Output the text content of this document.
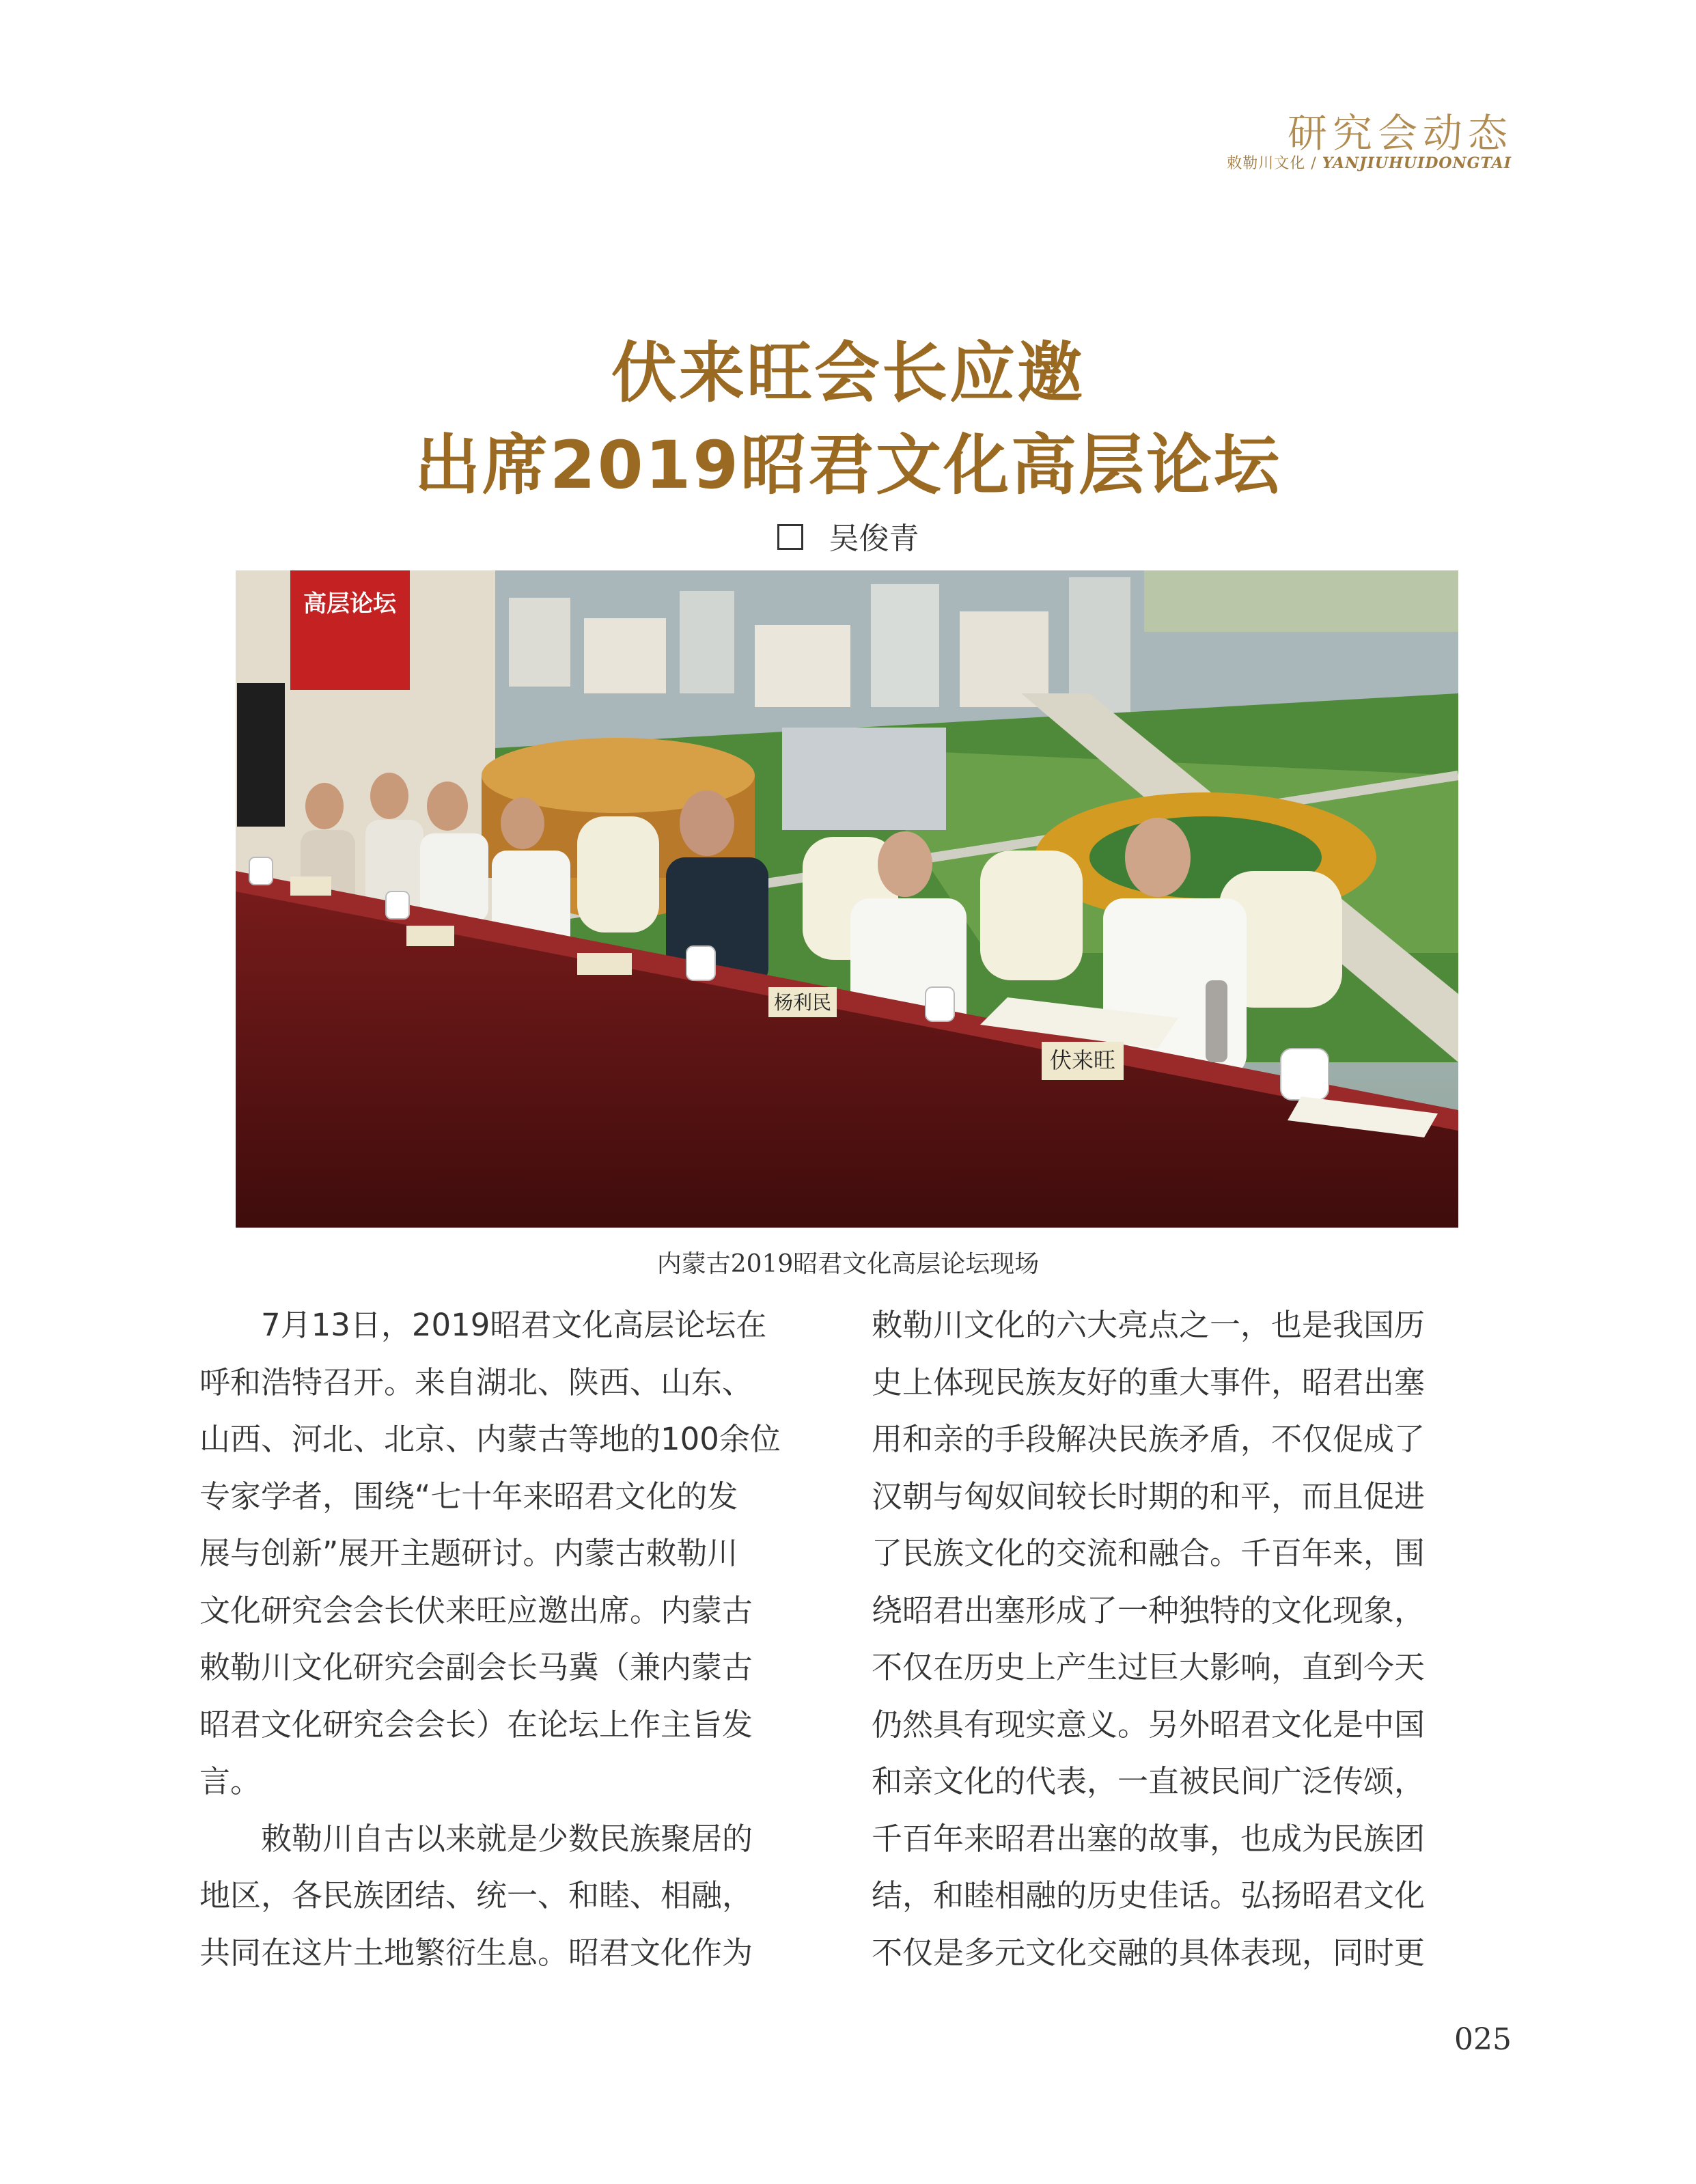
研究会动态
敕勒川文化 / YANJIUHUIDONGTAI
伏来旺会长应邀
出席2019昭君文化高层论坛
吴俊青
高层论坛
杨利民
伏来旺
内蒙古2019昭君文化高层论坛现场

7月13日，2019昭君文化高层论坛在

呼和浩特召开。来自湖北、陕西、山东、

山西、河北、北京、内蒙古等地的100余位

专家学者，围绕“七十年来昭君文化的发

展与创新”展开主题研讨。内蒙古敕勒川

文化研究会会长伏来旺应邀出席。内蒙古

敕勒川文化研究会副会长马冀（兼内蒙古

昭君文化研究会会长）在论坛上作主旨发

言。

敕勒川自古以来就是少数民族聚居的

地区，各民族团结、统一、和睦、相融，

共同在这片土地繁衍生息。昭君文化作为

敕勒川文化的六大亮点之一，也是我国历

史上体现民族友好的重大事件，昭君出塞

用和亲的手段解决民族矛盾，不仅促成了

汉朝与匈奴间较长时期的和平，而且促进

了民族文化的交流和融合。千百年来，围

绕昭君出塞形成了一种独特的文化现象，

不仅在历史上产生过巨大影响，直到今天

仍然具有现实意义。另外昭君文化是中国

和亲文化的代表，一直被民间广泛传颂，

千百年来昭君出塞的故事，也成为民族团

结，和睦相融的历史佳话。弘扬昭君文化

不仅是多元文化交融的具体表现，同时更

025
